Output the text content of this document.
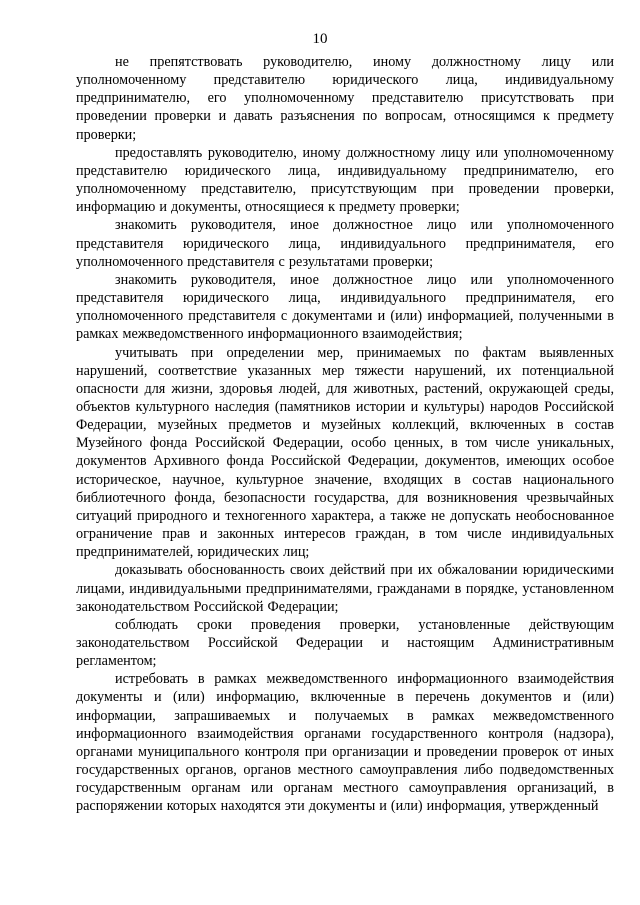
10

не препятствовать руководителю, иному должностному лицу или уполномоченному представителю юридического лица, индивидуальному предпринимателю, его уполномоченному представителю присутствовать при проведении проверки и давать разъяснения по вопросам, относящимся к предмету проверки;

предоставлять руководителю, иному должностному лицу или уполномоченному представителю юридического лица, индивидуальному предпринимателю, его уполномоченному представителю, присутствующим при проведении проверки, информацию и документы, относящиеся к предмету проверки;

знакомить руководителя, иное должностное лицо или уполномоченного представителя юридического лица, индивидуального предпринимателя, его уполномоченного представителя с результатами проверки;

знакомить руководителя, иное должностное лицо или уполномоченного представителя юридического лица, индивидуального предпринимателя, его уполномоченного представителя с документами и (или) информацией, полученными в рамках межведомственного информационного взаимодействия;

учитывать при определении мер, принимаемых по фактам выявленных нарушений, соответствие указанных мер тяжести нарушений, их потенциальной опасности для жизни, здоровья людей, для животных, растений, окружающей среды, объектов культурного наследия (памятников истории и культуры) народов Российской Федерации, музейных предметов и музейных коллекций, включенных в состав Музейного фонда Российской Федерации, особо ценных, в том числе уникальных, документов Архивного фонда Российской Федерации, документов, имеющих особое историческое, научное, культурное значение, входящих в состав национального библиотечного фонда, безопасности государства, для возникновения чрезвычайных ситуаций природного и техногенного характера, а также не допускать необоснованное ограничение прав и законных интересов граждан, в том числе индивидуальных предпринимателей, юридических лиц;

доказывать обоснованность своих действий при их обжаловании юридическими лицами, индивидуальными предпринимателями, гражданами в порядке, установленном законодательством Российской Федерации;

соблюдать сроки проведения проверки, установленные действующим законодательством Российской Федерации и настоящим Административным регламентом;

истребовать в рамках межведомственного информационного взаимодействия документы и (или) информацию, включенные в перечень документов и (или) информации, запрашиваемых и получаемых в рамках межведомственного информационного взаимодействия органами государственного контроля (надзора), органами муниципального контроля при организации и проведении проверок от иных государственных органов, органов местного самоуправления либо подведомственных государственным органам или органам местного самоуправления организаций, в распоряжении которых находятся эти документы и (или) информация, утвержденный
